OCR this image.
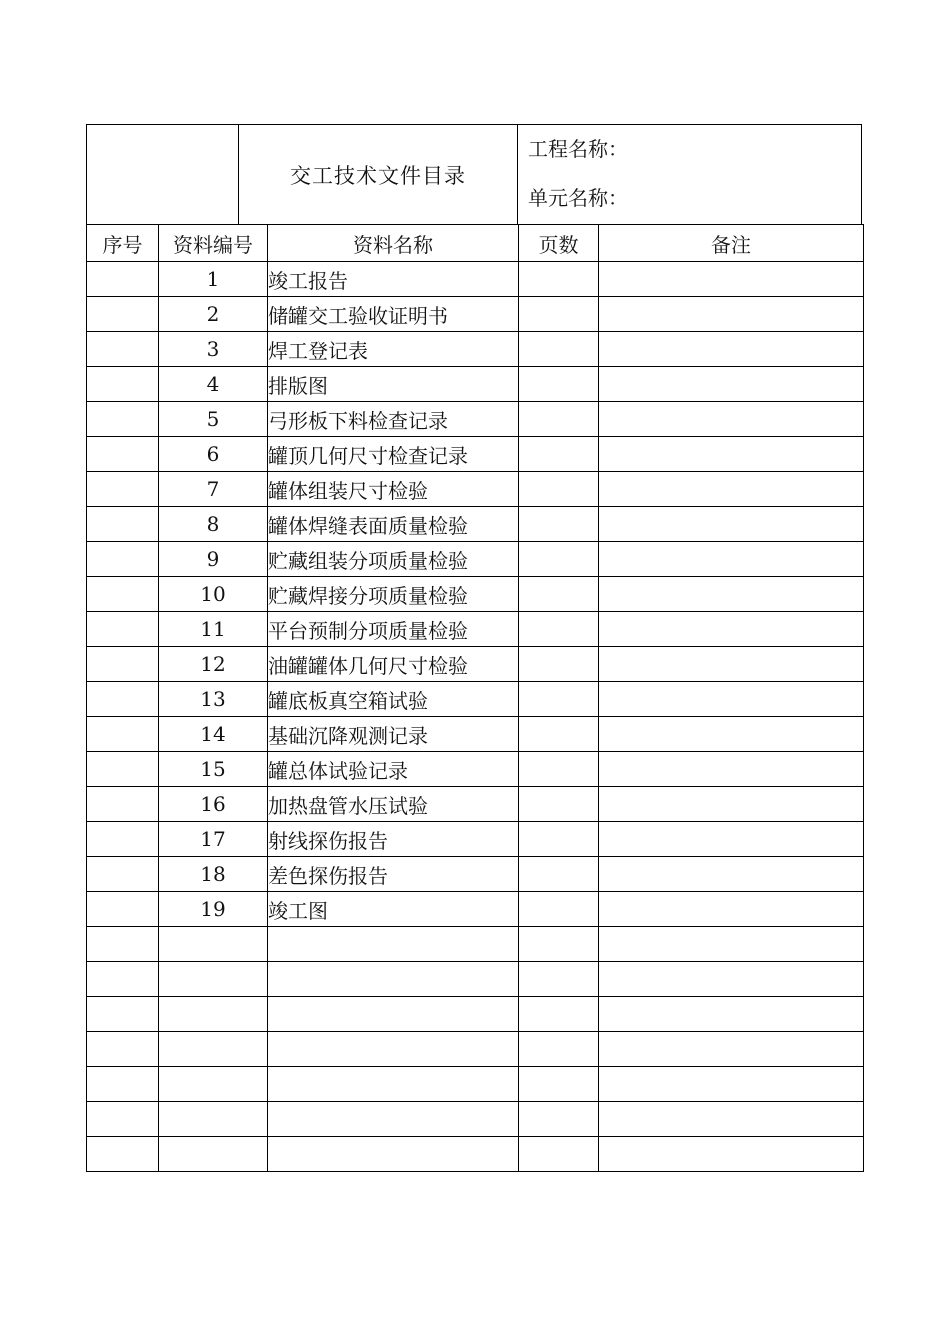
交工技术文件目录
工程名称：
单元名称：
序号	资料编号	资料名称	页数	备注
	1	竣工报告		
	2	储罐交工验收证明书		
	3	焊工登记表		
	4	排版图		
	5	弓形板下料检查记录		
	6	罐顶几何尺寸检查记录		
	7	罐体组装尺寸检验		
	8	罐体焊缝表面质量检验		
	9	贮藏组装分项质量检验		
	10	贮藏焊接分项质量检验		
	11	平台预制分项质量检验		
	12	油罐罐体几何尺寸检验		
	13	罐底板真空箱试验		
	14	基础沉降观测记录		
	15	罐总体试验记录		
	16	加热盘管水压试验		
	17	射线探伤报告		
	18	差色探伤报告		
	19	竣工图		
